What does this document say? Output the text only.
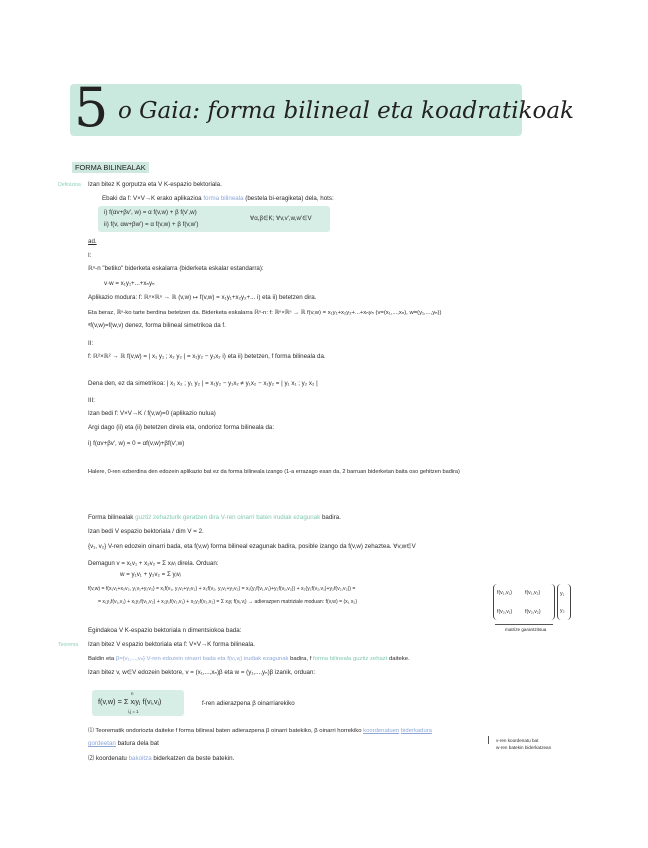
5 o Gaia: forma bilineal eta koadratikoak
FORMA BILINEALAK
Definizioa Izan bitez K gorputza eta V K-espazio bektoriala.
Ebaki da f: V×V→K erako aplikazioa forma bilineala (bestela bi-eragiketa) dela, hots:
i) f(αv+βv', w) = α f(v,w) + β f(v',w)
ii) f(v, αw+βw') = α f(v,w) + β f(v,w')
∀α,β∈K; ∀v,v',w,w'∈V
ad.
I:
ℝⁿ-n "betiko" biderketa eskalarra (biderketa eskalar estandarra):
v·w = x₁y₁+...+xₙyₙ
Aplikazio modura: f: ℝⁿ×ℝⁿ → ℝ (v,w) ↦ f(v,w) = x₁y₁+x₂y₂+... i) eta ii) betetzen dira.
Eta beraz, ℝⁿ-ko tarte berdina betetzen da. Biderketa eskalarra ℝⁿ-n: f: ℝⁿ×ℝⁿ → ℝ f(v,w) = x₁y₁+x₂y₂+...+xₙyₙ (v=(x₁,...,xₙ), w=(y₁,...,yₙ))
ᵃf(v,w)=f(w,v) denez, forma bilineal simetrikoa da f.
II:
f: ℝ²×ℝ² → ℝ f(v,w) = | x₁ y₁ ; x₂ y₂ | = x₁y₂ − y₁x₂ i) eta ii) betetzen, f forma bilineala da.
Dena den, ez da simetrikoa: | x₁ x₂ ; y₁ y₂ | = x₁y₂ − y₁x₂ ≠ y₁x₂ − x₁y₂ = | y₁ x₁ ; y₂ x₂ |
III:
Izan bedi f: V×V→K / f(v,w)=0 (aplikazio nulua)
Argi dago (ii) eta (ii) betetzen direla eta, ondorioz forma bilineala da:
i) f(αv+βv', w) = 0 = αf(v,w)+βf(v',w)
Halere, 0-ren ezberdina den edozein aplikazio bat ez da forma bilineala izango (1-a errazago esan da, 2 barruan biderketan baita oso gehitzen badira)
Forma bilinealak guztiz zehazturik geratzen dira V-ren oinarri baten irudiak ezagunak badira.
Izan bedi V espazio bektoriala / dim V = 2.
{v₁, v₂} V-ren edozein oinarri bada, eta f(v,w) forma bilineal ezagunak badira, posible izango da f(v,w) zehaztea. ∀v,w∈V
Demagun v = x₁v₁ + x₂v₂ = Σ xᵢvᵢ direla. Orduan:
w = y₁v₁ + y₂v₂ = Σ yⱼvⱼ
f(v,w) = f(x₁v₁+x₂v₂, y₁v₁+y₂v₂) = x₁f(v₁, y₁v₁+y₂v₂) + x₂f(v₂, y₁v₁+y₂v₂) = x₁(y₁f(v₁,v₁)+y₂f(v₁,v₂)) + x₂(y₁f(v₂,v₁)+y₂f(v₂,v₂)) =
= x₁y₁f(v₁,v₁) + x₁y₂f(v₁,v₂) + x₂y₁f(v₂,v₁) + x₂y₂f(v₂,v₂) = Σ xᵢyⱼ f(vᵢ,vⱼ) → adierazpen matriziale moduan: f(v,w) = (x₁ x₂)
f(v₁,v₁) f(v₁,v₂)
f(v₂,v₁) f(v₂,v₂)
y₁
y₂
matrize garantzitsua
Egindakoa V K-espazio bektoriala n dimentsiokoa bada:
Teorema Izan bitez V espazio bektoriala eta f: V×V→K forma bilineala.
Baldin eta β={v₁,...,vₙ} V-ren edozein oinarri bada eta f(vᵢ,vⱼ) irudiak ezagunak badira, f forma bilineala guztiz zehazt daiteke.
Izan bitez v, w∈V edozein bektore, v = (x₁,...,xₙ)β eta w = (y₁,...,yₙ)β izanik, orduan:
f(v,w) = Σ xᵢyⱼ f(vᵢ,vⱼ)
i,j = 1
n
f-ren adierazpena β oinarriarekiko
⑴ Teorematik ondoriozta daiteke f forma bilineal baten adierazpena β oinarri batekiko, β oinarri horrekiko koordenatuen biderkadura
gordeetan batura dela bat	v-ren koordenatu bat
w-ren batekin biderkatzean
⑵ koordenatu bakoitza biderkatzen da beste batekin.
